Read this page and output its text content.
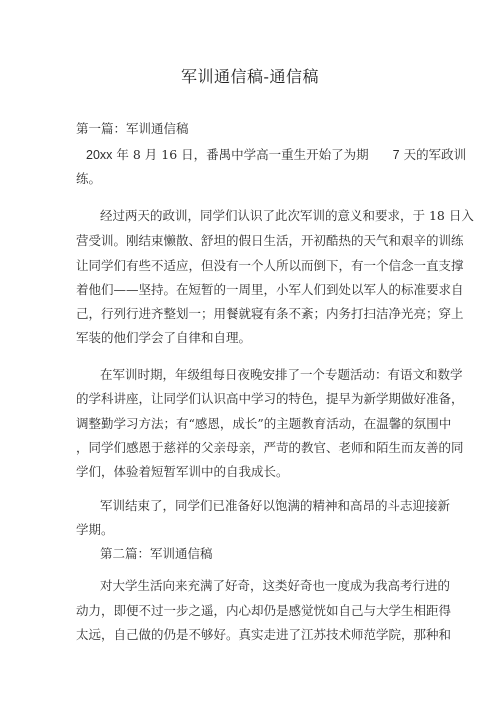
军训通信稿-通信稿
第一篇：军训通信稿
20xx 年 8 月 16 日，番禺中学高一重生开始了为期 7 天的军政训
练。
经过两天的政训，同学们认识了此次军训的意义和要求，于 18 日入
营受训。刚结束懒散、舒坦的假日生活，开初酷热的天气和艰辛的训练
让同学们有些不适应，但没有一个人所以而倒下，有一个信念一直支撑
着他们——坚持。在短暂的一周里，小军人们到处以军人的标准要求自
己，行列行进齐整划一；用餐就寝有条不紊；内务打扫洁净光亮；穿上
军装的他们学会了自律和自理。
在军训时期，年级组每日夜晚安排了一个专题活动：有语文和数学
的学科讲座，让同学们认识高中学习的特色，提早为新学期做好准备，
调整勤学习方法；有“感恩，成长”的主题教育活动，在温馨的氛围中
，同学们感恩于慈祥的父亲母亲，严苛的教官、老师和陌生而友善的同
学们，体验着短暂军训中的自我成长。
军训结束了，同学们已准备好以饱满的精神和高昂的斗志迎接新
学期。
第二篇：军训通信稿
对大学生活向来充满了好奇，这类好奇也一度成为我高考行进的
动力，即便不过一步之遥，内心却仍是感觉恍如自己与大学生相距得
太远，自己做的仍是不够好。真实走进了江苏技术师范学院，那种和
